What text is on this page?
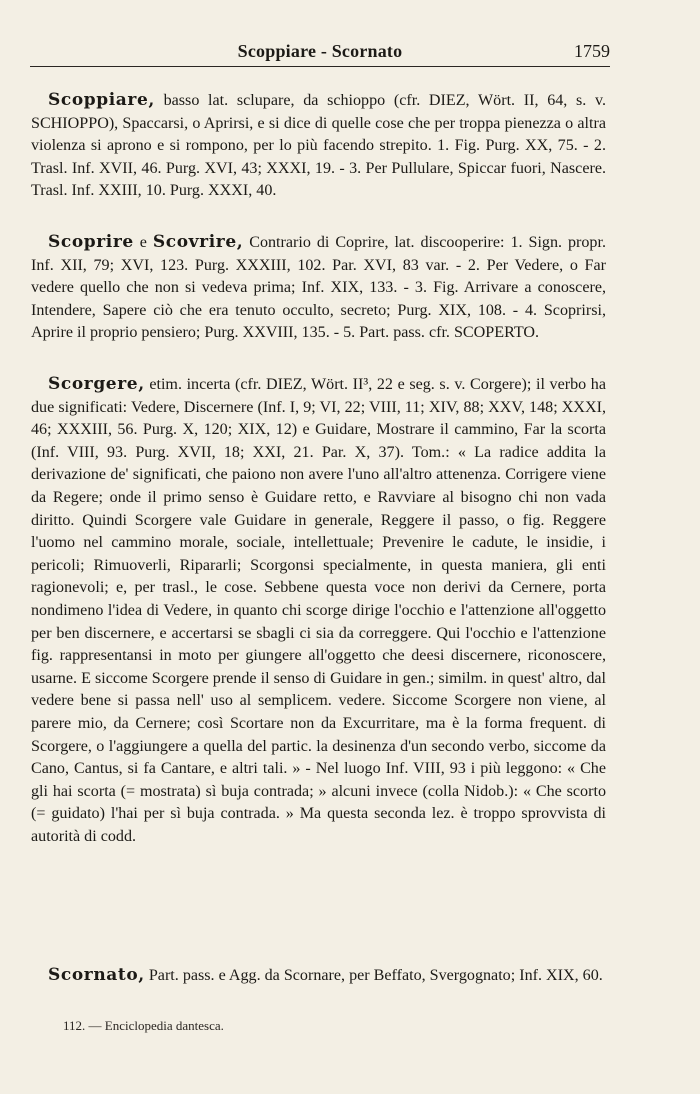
Scoppiare - Scornato	1759
Scoppiare, basso lat. sclupare, da schioppo (cfr. DIEZ, Wört. II, 64, s. v. SCHIOPPO), Spaccarsi, o Aprirsi, e si dice di quelle cose che per troppa pienezza o altra violenza si aprono e si rompono, per lo più facendo strepito. 1. Fig. Purg. XX, 75. - 2. Trasl. Inf. XVII, 46. Purg. XVI, 43; XXXI, 19. - 3. Per Pullulare, Spiccar fuori, Nascere. Trasl. Inf. XXIII, 10. Purg. XXXI, 40.
Scoprire e Scovrire, Contrario di Coprire, lat. discooperire: 1. Sign. propr. Inf. XII, 79; XVI, 123. Purg. XXXIII, 102. Par. XVI, 83 var. - 2. Per Vedere, o Far vedere quello che non si vedeva prima; Inf. XIX, 133. - 3. Fig. Arrivare a conoscere, Intendere, Sapere ciò che era tenuto occulto, secreto; Purg. XIX, 108. - 4. Scoprirsi, Aprire il proprio pensiero; Purg. XXVIII, 135. - 5. Part. pass. cfr. SCOPERTO.
Scorgere, etim. incerta (cfr. DIEZ, Wört. II³, 22 e seg. s. v. Corgere); il verbo ha due significati: Vedere, Discernere (Inf. I, 9; VI, 22; VIII, 11; XIV, 88; XXV, 148; XXXI, 46; XXXIII, 56. Purg. X, 120; XIX, 12) e Guidare, Mostrare il cammino, Far la scorta (Inf. VIII, 93. Purg. XVII, 18; XXI, 21. Par. X, 37). Tom.: « La radice addita la derivazione de' significati, che paiono non avere l'uno all'altro attenenza. Corrigere viene da Regere; onde il primo senso è Guidare retto, e Ravviare al bisogno chi non vada diritto. Quindi Scorgere vale Guidare in generale, Reggere il passo, o fig. Reggere l'uomo nel cammino morale, sociale, intellettuale; Prevenire le cadute, le insidie, i pericoli; Rimuoverli, Ripararli; Scorgonsi specialmente, in questa maniera, gli enti ragionevoli; e, per trasl., le cose. Sebbene questa voce non derivi da Cernere, porta nondimeno l'idea di Vedere, in quanto chi scorge dirige l'occhio e l'attenzione all'oggetto per ben discernere, e accertarsi se sbagli ci sia da correggere. Qui l'occhio e l'attenzione fig. rappresentansi in moto per giungere all'oggetto che deesi discernere, riconoscere, usarne. E siccome Scorgere prende il senso di Guidare in gen.; similm. in quest' altro, dal vedere bene si passa nell' uso al semplicem. vedere. Siccome Scorgere non viene, al parere mio, da Cernere; così Scortare non da Excurritare, ma è la forma frequent. di Scorgere, o l'aggiungere a quella del partic. la desinenza d'un secondo verbo, siccome da Cano, Cantus, si fa Cantare, e altri tali. » - Nel luogo Inf. VIII, 93 i più leggono: « Che gli hai scorta (= mostrata) sì buja contrada; » alcuni invece (colla Nidob.): « Che scorto (= guidato) l'hai per sì buja contrada. » Ma questa seconda lez. è troppo sprovvista di autorità di codd.
Scornato, Part. pass. e Agg. da Scornare, per Beffato, Svergognato; Inf. XIX, 60.
112. — Enciclopedia dantesca.
